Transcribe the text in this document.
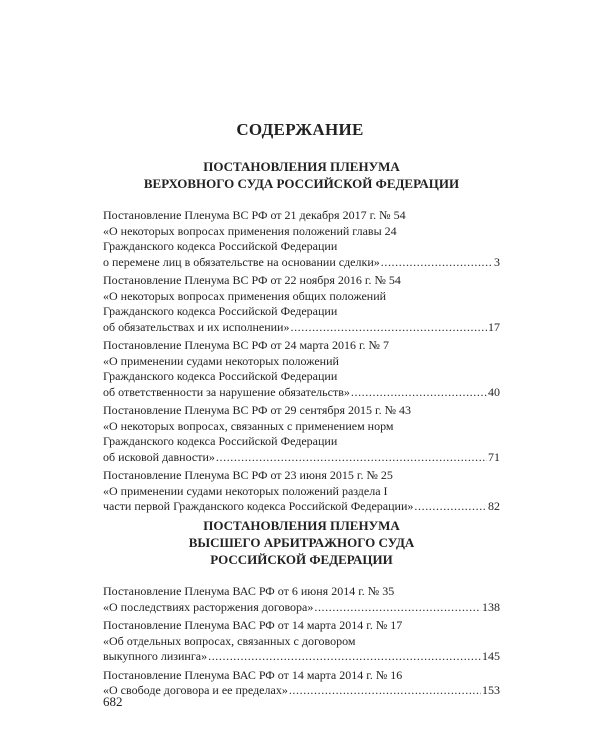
СОДЕРЖАНИЕ
ПОСТАНОВЛЕНИЯ ПЛЕНУМА
ВЕРХОВНОГО СУДА РОССИЙСКОЙ ФЕДЕРАЦИИ
Постановление Пленума ВС РФ от 21 декабря 2017 г. № 54
«О некоторых вопросах применения положений главы 24
Гражданского кодекса Российской Федерации
о перемене лиц в обязательстве на основании сделки» .....	3
Постановление Пленума ВС РФ от 22 ноября 2016 г. № 54
«О некоторых вопросах применения общих положений
Гражданского кодекса Российской Федерации
об обязательствах и их исполнении» .....	17
Постановление Пленума ВС РФ от 24 марта 2016 г. № 7
«О применении судами некоторых положений
Гражданского кодекса Российской Федерации
об ответственности за нарушение обязательств» .....	40
Постановление Пленума ВС РФ от 29 сентября 2015 г. № 43
«О некоторых вопросах, связанных с применением норм
Гражданского кодекса Российской Федерации
об исковой давности» .....	71
Постановление Пленума ВС РФ от 23 июня 2015 г. № 25
«О применении судами некоторых положений раздела I
части первой Гражданского кодекса Российской Федерации» .....	82
ПОСТАНОВЛЕНИЯ ПЛЕНУМА
ВЫСШЕГО АРБИТРАЖНОГО СУДА
РОССИЙСКОЙ ФЕДЕРАЦИИ
Постановление Пленума ВАС РФ от 6 июня 2014 г. № 35
«О последствиях расторжения договора» .....	138
Постановление Пленума ВАС РФ от 14 марта 2014 г. № 17
«Об отдельных вопросах, связанных с договором
выкупного лизинга» .....	145
Постановление Пленума ВАС РФ от 14 марта 2014 г. № 16
«О свободе договора и ее пределах» .....	153
682
